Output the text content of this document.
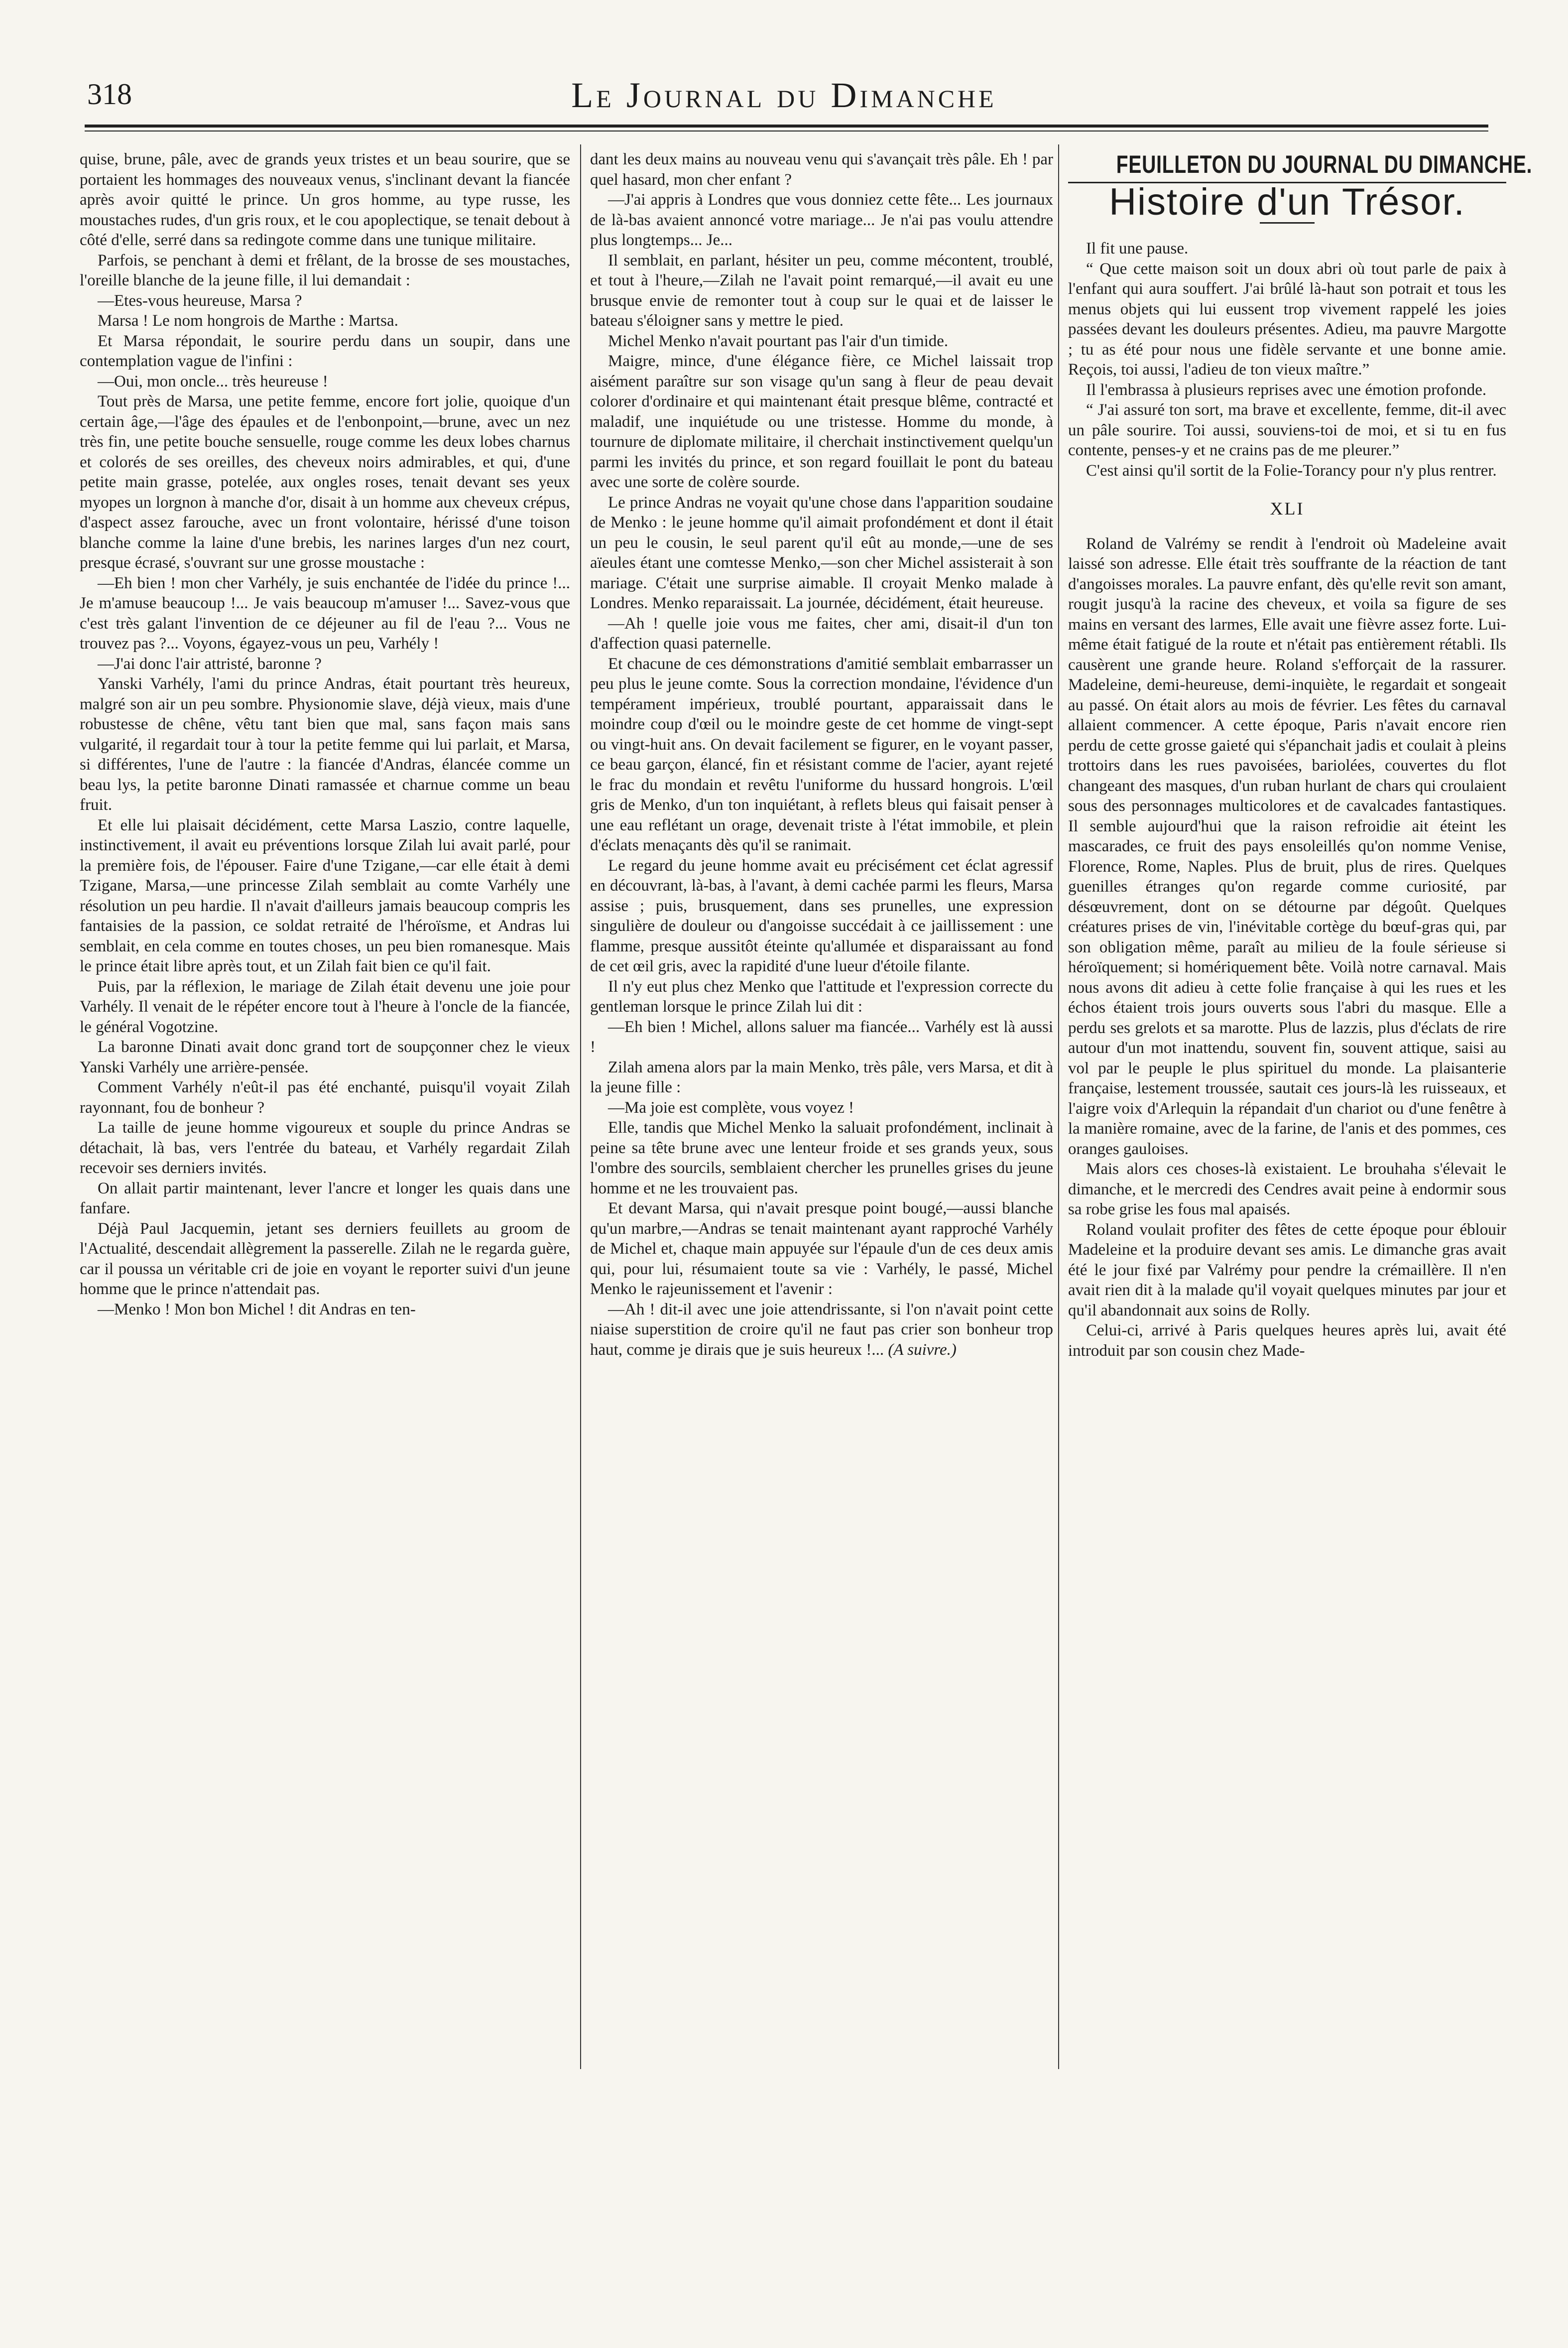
318	Le Journal du Dimanche

quise, brune, pâle, avec de grands yeux tristes et un beau sourire, que se portaient les hommages des nouveaux venus, s'inclinant devant la fiancée après avoir quitté le prince. Un gros homme, au type russe, les moustaches rudes, d'un gris roux, et le cou apoplectique, se tenait debout à côté d'elle, serré dans sa redingote comme dans une tunique militaire.

Parfois, se penchant à demi et frêlant, de la brosse de ses moustaches, l'oreille blanche de la jeune fille, il lui demandait :

—Etes-vous heureuse, Marsa ?

Marsa ! Le nom hongrois de Marthe : Martsa.

Et Marsa répondait, le sourire perdu dans un soupir, dans une contemplation vague de l'infini :

—Oui, mon oncle... très heureuse !

Tout près de Marsa, une petite femme, encore fort jolie, quoique d'un certain âge,—l'âge des épaules et de l'enbonpoint,—brune, avec un nez très fin, une petite bouche sensuelle, rouge comme les deux lobes charnus et colorés de ses oreilles, des cheveux noirs admirables, et qui, d'une petite main grasse, potelée, aux ongles roses, tenait devant ses yeux myopes un lorgnon à manche d'or, disait à un homme aux cheveux crépus, d'aspect assez farouche, avec un front volontaire, hérissé d'une toison blanche comme la laine d'une brebis, les narines larges d'un nez court, presque écrasé, s'ouvrant sur une grosse moustache :

—Eh bien ! mon cher Varhély, je suis enchantée de l'idée du prince !... Je m'amuse beaucoup !... Je vais beaucoup m'amuser !... Savez-vous que c'est très galant l'invention de ce déjeuner au fil de l'eau ?... Vous ne trouvez pas ?... Voyons, égayez-vous un peu, Varhély !

—J'ai donc l'air attristé, baronne ?

Yanski Varhély, l'ami du prince Andras, était pourtant très heureux, malgré son air un peu sombre. Physionomie slave, déjà vieux, mais d'une robustesse de chêne, vêtu tant bien que mal, sans façon mais sans vulgarité, il regardait tour à tour la petite femme qui lui parlait, et Marsa, si différentes, l'une de l'autre : la fiancée d'Andras, élancée comme un beau lys, la petite baronne Dinati ramassée et charnue comme un beau fruit.

Et elle lui plaisait décidément, cette Marsa Laszio, contre laquelle, instinctivement, il avait eu préventions lorsque Zilah lui avait parlé, pour la première fois, de l'épouser. Faire d'une Tzigane,—car elle était à demi Tzigane, Marsa,—une princesse Zilah semblait au comte Varhély une résolution un peu hardie. Il n'avait d'ailleurs jamais beaucoup compris les fantaisies de la passion, ce soldat retraité de l'héroïsme, et Andras lui semblait, en cela comme en toutes choses, un peu bien romanesque. Mais le prince était libre après tout, et un Zilah fait bien ce qu'il fait.

Puis, par la réflexion, le mariage de Zilah était devenu une joie pour Varhély. Il venait de le répéter encore tout à l'heure à l'oncle de la fiancée, le général Vogotzine.

La baronne Dinati avait donc grand tort de soupçonner chez le vieux Yanski Varhély une arrière-pensée.

Comment Varhély n'eût-il pas été enchanté, puisqu'il voyait Zilah rayonnant, fou de bonheur ?

La taille de jeune homme vigoureux et souple du prince Andras se détachait, là bas, vers l'entrée du bateau, et Varhély regardait Zilah recevoir ses derniers invités.

On allait partir maintenant, lever l'ancre et longer les quais dans une fanfare.

Déjà Paul Jacquemin, jetant ses derniers feuillets au groom de l'Actualité, descendait allègrement la passerelle. Zilah ne le regarda guère, car il poussa un véritable cri de joie en voyant le reporter suivi d'un jeune homme que le prince n'attendait pas.

—Menko ! Mon bon Michel ! dit Andras en ten-

dant les deux mains au nouveau venu qui s'avançait très pâle. Eh ! par quel hasard, mon cher enfant ?

—J'ai appris à Londres que vous donniez cette fête... Les journaux de là-bas avaient annoncé votre mariage... Je n'ai pas voulu attendre plus longtemps... Je...

Il semblait, en parlant, hésiter un peu, comme mécontent, troublé, et tout à l'heure,—Zilah ne l'avait point remarqué,—il avait eu une brusque envie de remonter tout à coup sur le quai et de laisser le bateau s'éloigner sans y mettre le pied.

Michel Menko n'avait pourtant pas l'air d'un timide.

Maigre, mince, d'une élégance fière, ce Michel laissait trop aisément paraître sur son visage qu'un sang à fleur de peau devait colorer d'ordinaire et qui maintenant était presque blême, contracté et maladif, une inquiétude ou une tristesse. Homme du monde, à tournure de diplomate militaire, il cherchait instinctivement quelqu'un parmi les invités du prince, et son regard fouillait le pont du bateau avec une sorte de colère sourde.

Le prince Andras ne voyait qu'une chose dans l'apparition soudaine de Menko : le jeune homme qu'il aimait profondément et dont il était un peu le cousin, le seul parent qu'il eût au monde,—une de ses aïeules étant une comtesse Menko,—son cher Michel assisterait à son mariage. C'était une surprise aimable. Il croyait Menko malade à Londres. Menko reparaissait. La journée, décidément, était heureuse.

—Ah ! quelle joie vous me faites, cher ami, disait-il d'un ton d'affection quasi paternelle.

Et chacune de ces démonstrations d'amitié semblait embarrasser un peu plus le jeune comte. Sous la correction mondaine, l'évidence d'un tempérament impérieux, troublé pourtant, apparaissait dans le moindre coup d'œil ou le moindre geste de cet homme de vingt-sept ou vingt-huit ans. On devait facilement se figurer, en le voyant passer, ce beau garçon, élancé, fin et résistant comme de l'acier, ayant rejeté le frac du mondain et revêtu l'uniforme du hussard hongrois. L'œil gris de Menko, d'un ton inquiétant, à reflets bleus qui faisait penser à une eau reflétant un orage, devenait triste à l'état immobile, et plein d'éclats menaçants dès qu'il se ranimait.

Le regard du jeune homme avait eu précisément cet éclat agressif en découvrant, là-bas, à l'avant, à demi cachée parmi les fleurs, Marsa assise ; puis, brusquement, dans ses prunelles, une expression singulière de douleur ou d'angoisse succédait à ce jaillissement : une flamme, presque aussitôt éteinte qu'allumée et disparaissant au fond de cet œil gris, avec la rapidité d'une lueur d'étoile filante.

Il n'y eut plus chez Menko que l'attitude et l'expression correcte du gentleman lorsque le prince Zilah lui dit :

—Eh bien ! Michel, allons saluer ma fiancée... Varhély est là aussi !

Zilah amena alors par la main Menko, très pâle, vers Marsa, et dit à la jeune fille :

—Ma joie est complète, vous voyez !

Elle, tandis que Michel Menko la saluait profondément, inclinait à peine sa tête brune avec une lenteur froide et ses grands yeux, sous l'ombre des sourcils, semblaient chercher les prunelles grises du jeune homme et ne les trouvaient pas.

Et devant Marsa, qui n'avait presque point bougé,—aussi blanche qu'un marbre,—Andras se tenait maintenant ayant rapproché Varhély de Michel et, chaque main appuyée sur l'épaule d'un de ces deux amis qui, pour lui, résumaient toute sa vie : Varhély, le passé, Michel Menko le rajeunissement et l'avenir :

—Ah ! dit-il avec une joie attendrissante, si l'on n'avait point cette niaise superstition de croire qu'il ne faut pas crier son bonheur trop haut, comme je dirais que je suis heureux !... (A suivre.)

FEUILLETON DU JOURNAL DU DIMANCHE.
Histoire d'un Trésor.

Il fit une pause.

“ Que cette maison soit un doux abri où tout parle de paix à l'enfant qui aura souffert. J'ai brûlé là-haut son potrait et tous les menus objets qui lui eussent trop vivement rappelé les joies passées devant les douleurs présentes. Adieu, ma pauvre Margotte ; tu as été pour nous une fidèle servante et une bonne amie. Reçois, toi aussi, l'adieu de ton vieux maître.”

Il l'embrassa à plusieurs reprises avec une émotion profonde.

“ J'ai assuré ton sort, ma brave et excellente, femme, dit-il avec un pâle sourire. Toi aussi, souviens-toi de moi, et si tu en fus contente, penses-y et ne crains pas de me pleurer.”

C'est ainsi qu'il sortit de la Folie-Torancy pour n'y plus rentrer.

XLI

Roland de Valrémy se rendit à l'endroit où Madeleine avait laissé son adresse. Elle était très souffrante de la réaction de tant d'angoisses morales. La pauvre enfant, dès qu'elle revit son amant, rougit jusqu'à la racine des cheveux, et voila sa figure de ses mains en versant des larmes, Elle avait une fièvre assez forte. Lui-même était fatigué de la route et n'était pas entièrement rétabli. Ils causèrent une grande heure. Roland s'efforçait de la rassurer. Madeleine, demi-heureuse, demi-inquiète, le regardait et songeait au passé. On était alors au mois de février. Les fêtes du carnaval allaient commencer. A cette époque, Paris n'avait encore rien perdu de cette grosse gaieté qui s'épanchait jadis et coulait à pleins trottoirs dans les rues pavoisées, bariolées, couvertes du flot changeant des masques, d'un ruban hurlant de chars qui croulaient sous des personnages multicolores et de cavalcades fantastiques. Il semble aujourd'hui que la raison refroidie ait éteint les mascarades, ce fruit des pays ensoleillés qu'on nomme Venise, Florence, Rome, Naples. Plus de bruit, plus de rires. Quelques guenilles étranges qu'on regarde comme curiosité, par désœuvrement, dont on se détourne par dégoût. Quelques créatures prises de vin, l'inévitable cortège du bœuf-gras qui, par son obligation même, paraît au milieu de la foule sérieuse si héroïquement; si homériquement bête. Voilà notre carnaval. Mais nous avons dit adieu à cette folie française à qui les rues et les échos étaient trois jours ouverts sous l'abri du masque. Elle a perdu ses grelots et sa marotte. Plus de lazzis, plus d'éclats de rire autour d'un mot inattendu, souvent fin, souvent attique, saisi au vol par le peuple le plus spirituel du monde. La plaisanterie française, lestement troussée, sautait ces jours-là les ruisseaux, et l'aigre voix d'Arlequin la répandait d'un chariot ou d'une fenêtre à la manière romaine, avec de la farine, de l'anis et des pommes, ces oranges gauloises.

Mais alors ces choses-là existaient. Le brouhaha s'élevait le dimanche, et le mercredi des Cendres avait peine à endormir sous sa robe grise les fous mal apaisés.

Roland voulait profiter des fêtes de cette époque pour éblouir Madeleine et la produire devant ses amis. Le dimanche gras avait été le jour fixé par Valrémy pour pendre la crémaillère. Il n'en avait rien dit à la malade qu'il voyait quelques minutes par jour et qu'il abandonnait aux soins de Rolly.

Celui-ci, arrivé à Paris quelques heures après lui, avait été introduit par son cousin chez Made-
